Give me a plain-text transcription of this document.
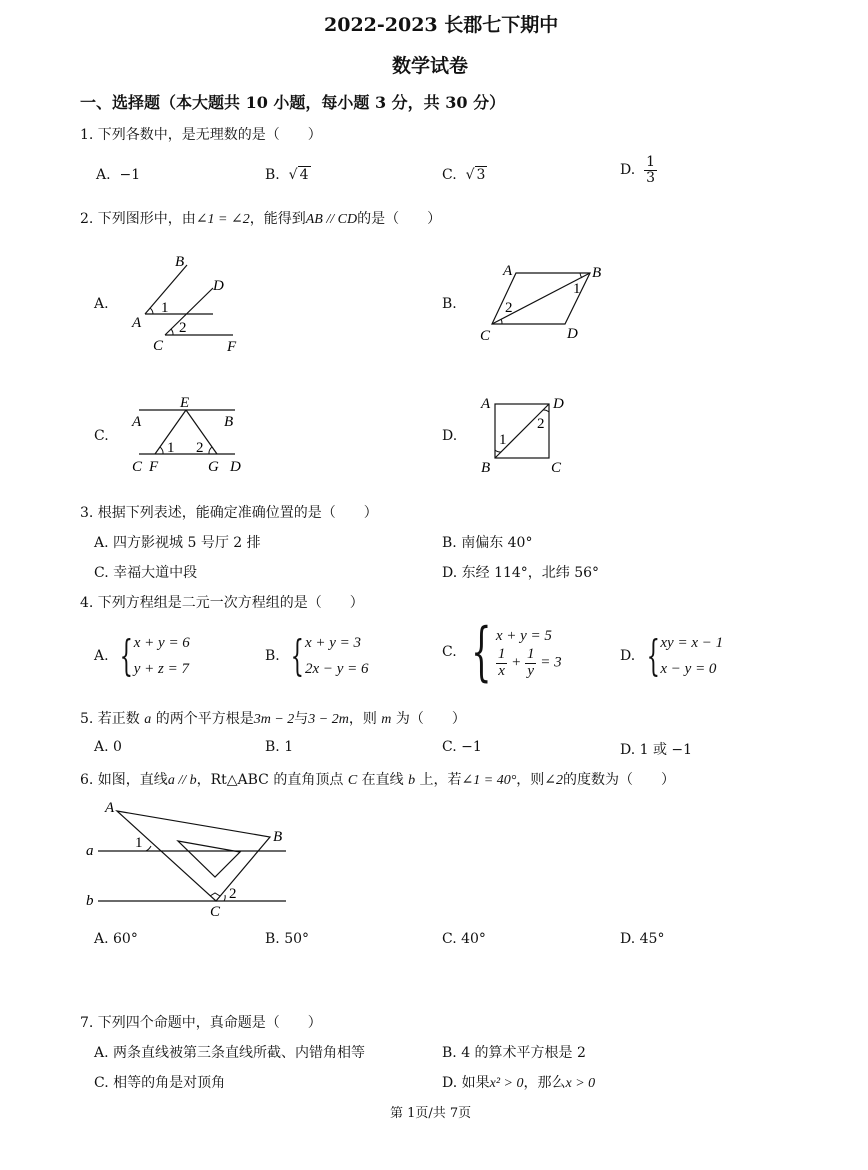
2022-2023 长郡七下期中
数学试卷
一、选择题（本大题共 10 小题，每小题 3 分，共 30 分）
1. 下列各数中，是无理数的是（　　）
A. −1	B.  √ 4	C.  √ 3	D. $\frac{1}{3}$
2. 下列图形中，由∠1 = ∠2，能得到AB // CD的是（　　）
A.
B
D
A
C	F
1
2
B.
A	B
C	D
1
2
C.
E
A	B
C F	G D
1 2
D.
A	D
B	C
1
2
3. 根据下列表述，能确定准确位置的是（　　）
A. 四方影视城 5 号厅 2 排	B. 南偏东 40°
C. 幸福大道中段	D. 东经 114°，北纬 56°
4. 下列方程组是二元一次方程组的是（　　）
A. {x + y = 6
y + z = 7
B. {x + y = 3
2x − y = 6
C. { x + y = 5

$\frac{1}{x} + \frac{1}{y} = 3$	D. {xy = x − 1
x − y = 0
5. 若正数 a 的两个平方根是3m − 2与3 − 2m，则 m 为（　　）
A. 0	B. 1	C. −1	D. 1 或 −1
6. 如图，直线a // b，Rt△ABC 的直角顶点 C 在直线 b 上，若∠1 = 40°，则∠2的度数为（　　）
A
B
C
a
b
1
2
A. 60°	B. 50°	C. 40°	D. 45°
7. 下列四个命题中，真命题是（　　）
A. 两条直线被第三条直线所截、内错角相等	B. 4 的算术平方根是 2
C. 相等的角是对顶角	D. 如果x² > 0，那么x > 0
第 1页/共 7页
